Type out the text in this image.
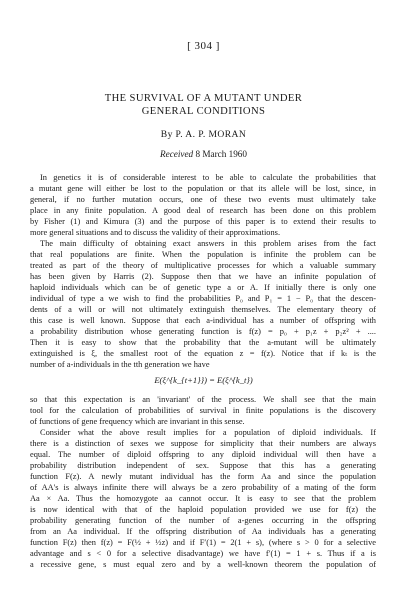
[ 304 ]
THE SURVIVAL OF A MUTANT UNDER
GENERAL CONDITIONS
By P. A. P. MORAN
Received 8 March 1960
In genetics it is of considerable interest to be able to calculate the probabilities that
a mutant gene will either be lost to the population or that its allele will be lost, since, in
general, if no further mutation occurs, one of these two events must ultimately take
place in any finite population. A good deal of research has been done on this problem
by Fisher (1) and Kimura (3) and the purpose of this paper is to extend their results to
more general situations and to discuss the validity of their approximations.
The main difficulty of obtaining exact answers in this problem arises from the fact
that real populations are finite. When the population is infinite the problem can be
treated as part of the theory of multiplicative processes for which a valuable summary
has been given by Harris (2). Suppose then that we have an infinite population of
haploid individuals which can be of genetic type a or A. If initially there is only one
individual of type a we wish to find the probabilities P₀ and P₁ = 1 − P₀ that the descen-
dents of a will or will not ultimately extinguish themselves. The elementary theory of
this case is well known. Suppose that each a-individual has a number of offspring with
a probability distribution whose generating function is f(z) = p₀ + p₁z + p₂z² + ....
Then it is easy to show that the probability that the a-mutant will be ultimately
extinguished is ξ, the smallest root of the equation z = f(z). Notice that if kₜ is the
number of a-individuals in the tth generation we have
E(ξ^{k_{t+1}}) = E(ξ^{k_t})
so that this expectation is an 'invariant' of the process. We shall see that the main
tool for the calculation of probabilities of survival in finite populations is the discovery
of functions of gene frequency which are invariant in this sense.
Consider what the above result implies for a population of diploid individuals. If
there is a distinction of sexes we suppose for simplicity that their numbers are always
equal. The number of diploid offspring to any diploid individual will then have a
probability distribution independent of sex. Suppose that this has a generating
function F(z). A newly mutant individual has the form Aa and since the population
of AA's is always infinite there will always be a zero probability of a mating of the form
Aa × Aa. Thus the homozygote aa cannot occur. It is easy to see that the problem
is now identical with that of the haploid population provided we use for f(z) the
probability generating function of the number of a-genes occurring in the offspring
from an Aa individual. If the offspring distribution of Aa individuals has a generating
function F(z) then f(z) = F(½ + ½z) and if F′(1) = 2(1 + s), (where s > 0 for a selective
advantage and s < 0 for a selective disadvantage) we have f′(1) = 1 + s. Thus if a is
a recessive gene, s must equal zero and by a well-known theorem the population of
